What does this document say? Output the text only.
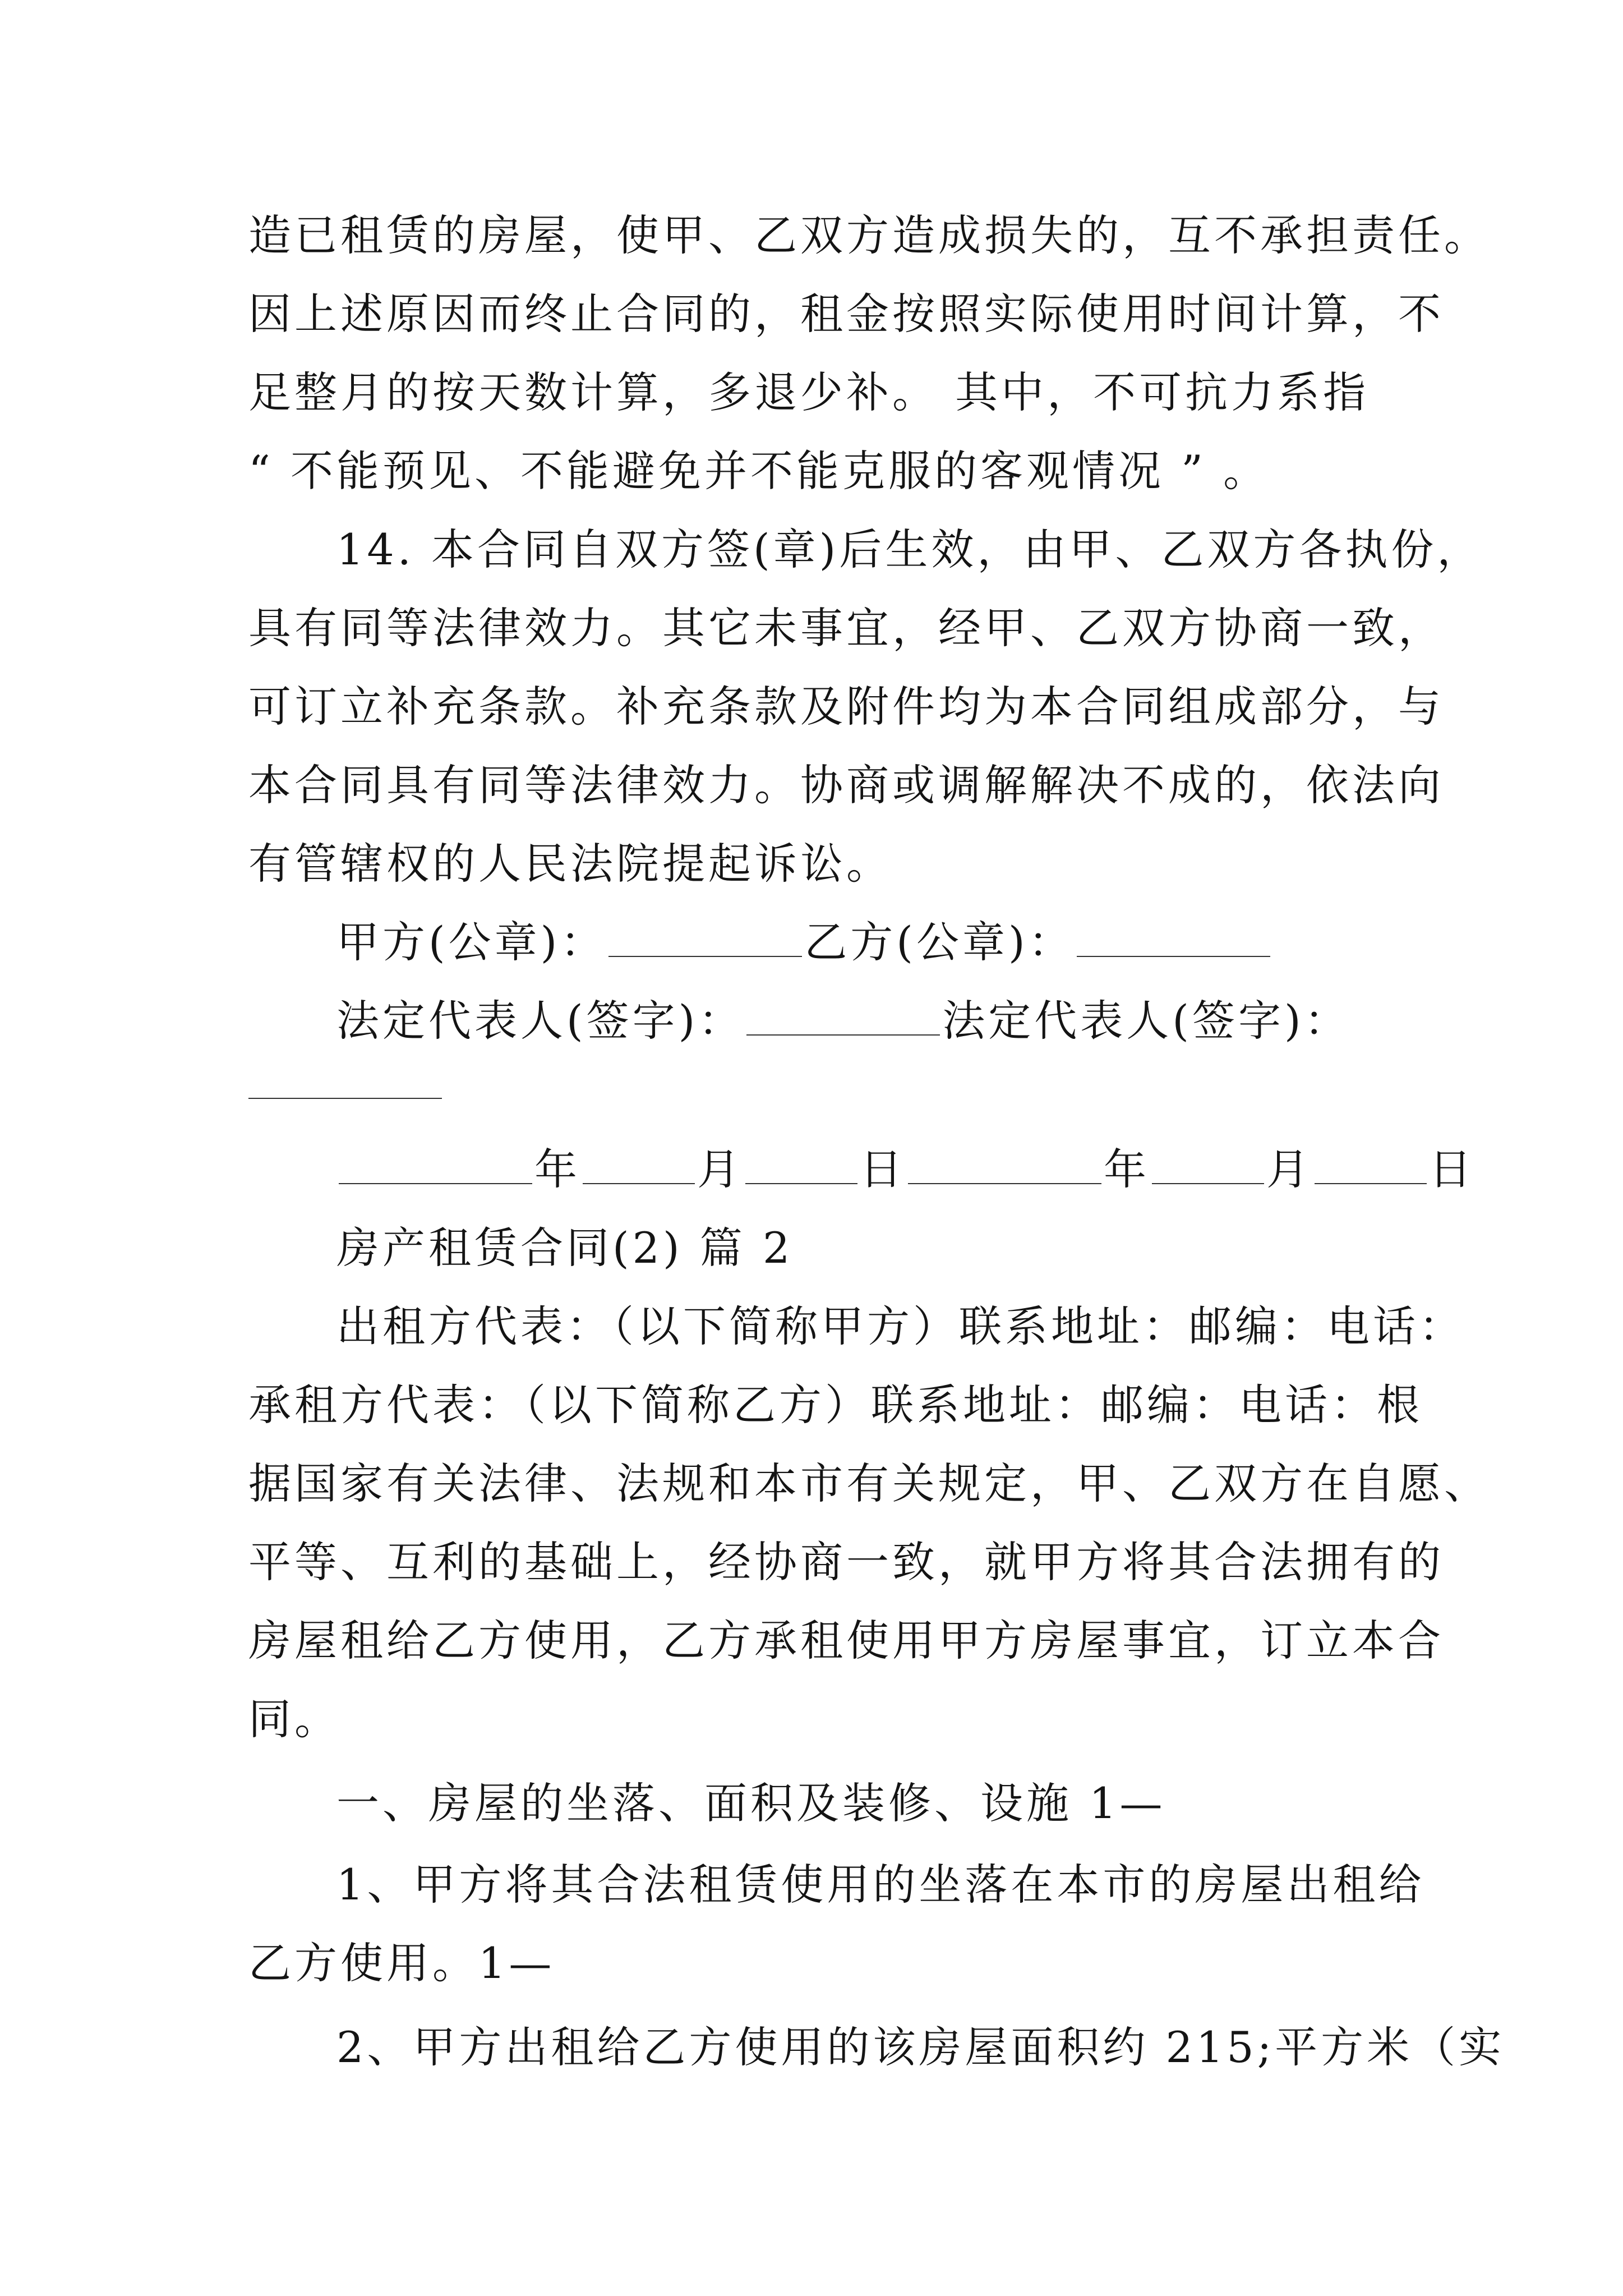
造已租赁的房屋，使甲、乙双方造成损失的，互不承担责任。
因上述原因而终止合同的，租金按照实际使用时间计算，不
足整月的按天数计算，多退少补。 其中，不可抗力系指
“ 不能预见、不能避免并不能克服的客观情况 ” 。
14. 本合同自双方签(章)后生效，由甲、乙双方各执份，
具有同等法律效力。其它未事宜，经甲、乙双方协商一致，
可订立补充条款。补充条款及附件均为本合同组成部分，与
本合同具有同等法律效力。协商或调解解决不成的，依法向
有管辖权的人民法院提起诉讼。
甲方(公章)：	乙方(公章)：
法定代表人(签字)：	法定代表人(签字)：
年	月	日	年	月	日
房产租赁合同(2) 篇 2
出租方代表：（以下简称甲方）联系地址：邮编：电话：
承租方代表：（以下简称乙方）联系地址：邮编：电话：根
据国家有关法律、法规和本市有关规定，甲、乙双方在自愿、
平等、互利的基础上，经协商一致，就甲方将其合法拥有的
房屋租给乙方使用，乙方承租使用甲方房屋事宜，订立本合
同。
一、房屋的坐落、面积及装修、设施 1—
1、甲方将其合法租赁使用的坐落在本市的房屋出租给
乙方使用。1—
2、甲方出租给乙方使用的该房屋面积约 215;平方米（实
